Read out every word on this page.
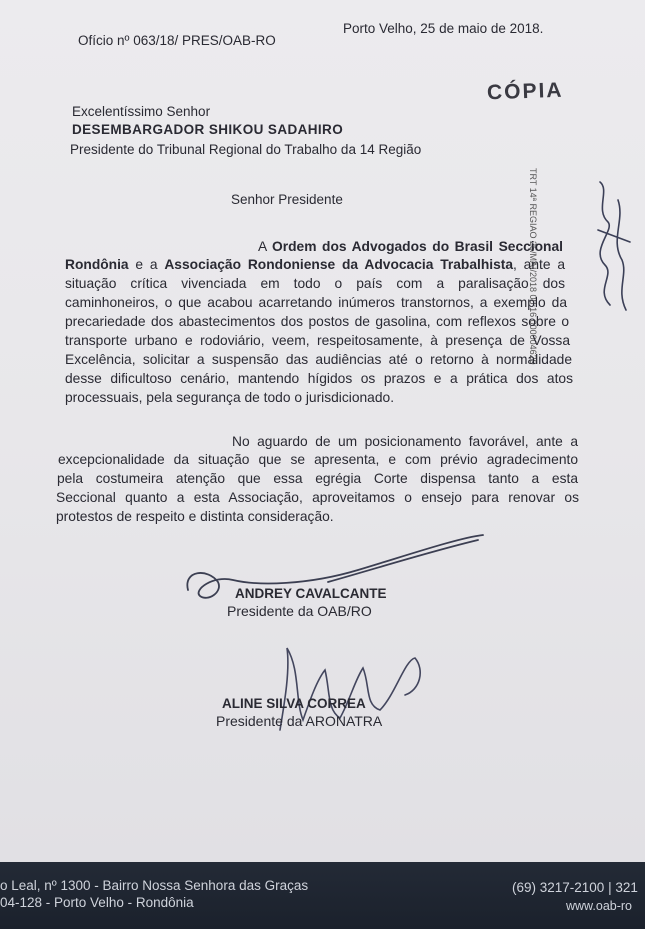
Ofício nº 063/18/ PRES/OAB-RO
Porto Velho, 25 de maio de 2018.
CÓPIA
TRT 14ª REGIAO 25/MAI/2018 08:16 000004629
Excelentíssimo Senhor
DESEMBARGADOR SHIKOU SADAHIRO
Presidente do Tribunal Regional do Trabalho da 14 Região
Senhor Presidente
A Ordem dos Advogados do Brasil Seccional
Rondônia e a Associação Rondoniense da Advocacia Trabalhista, ante a
situação crítica vivenciada em todo o país com a paralisação dos
caminhoneiros, o que acabou acarretando inúmeros transtornos, a exemplo da
precariedade dos abastecimentos dos postos de gasolina, com reflexos sobre o
transporte urbano e rodoviário, veem, respeitosamente, à presença de Vossa
Excelência, solicitar a suspensão das audiências até o retorno à normalidade
desse dificultoso cenário, mantendo hígidos os prazos e a prática dos atos
processuais, pela segurança de todo o jurisdicionado.
No aguardo de um posicionamento favorável, ante a
excepcionalidade da situação que se apresenta, e com prévio agradecimento
pela costumeira atenção que essa egrégia Corte dispensa tanto a esta
Seccional quanto a esta Associação, aproveitamos o ensejo para renovar os
protestos de respeito e distinta consideração.
ANDREY CAVALCANTE
Presidente da OAB/RO
ALINE SILVA CORREA
Presidente da ARONATRA
o Leal, nº 1300 - Bairro Nossa Senhora das Graças
04-128 - Porto Velho - Rondônia
(69) 3217-2100 | 321
www.oab-ro
